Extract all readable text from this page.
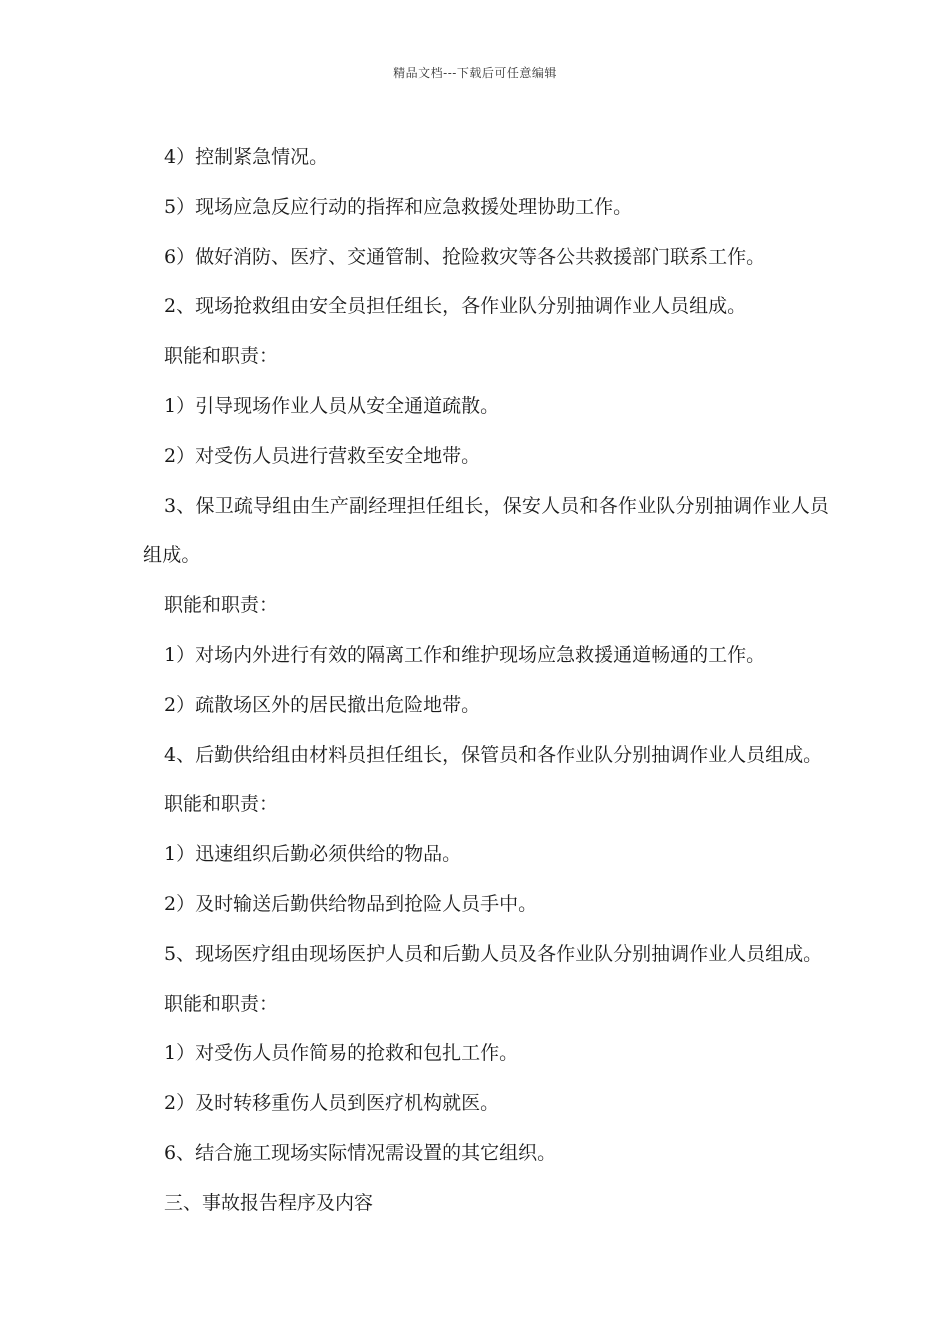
精品文档---下载后可任意编辑

4）控制紧急情况。

5）现场应急反应行动的指挥和应急救援处理协助工作。

6）做好消防、医疗、交通管制、抢险救灾等各公共救援部门联系工作。

2、现场抢救组由安全员担任组长，各作业队分别抽调作业人员组成。

职能和职责：

1）引导现场作业人员从安全通道疏散。

2）对受伤人员进行营救至安全地带。

3、保卫疏导组由生产副经理担任组长，保安人员和各作业队分别抽调作业人员组成。

职能和职责：

1）对场内外进行有效的隔离工作和维护现场应急救援通道畅通的工作。

2）疏散场区外的居民撤出危险地带。

4、后勤供给组由材料员担任组长，保管员和各作业队分别抽调作业人员组成。

职能和职责：

1）迅速组织后勤必须供给的物品。

2）及时输送后勤供给物品到抢险人员手中。

5、现场医疗组由现场医护人员和后勤人员及各作业队分别抽调作业人员组成。

职能和职责：

1）对受伤人员作简易的抢救和包扎工作。

2）及时转移重伤人员到医疗机构就医。

6、结合施工现场实际情况需设置的其它组织。

三、事故报告程序及内容
